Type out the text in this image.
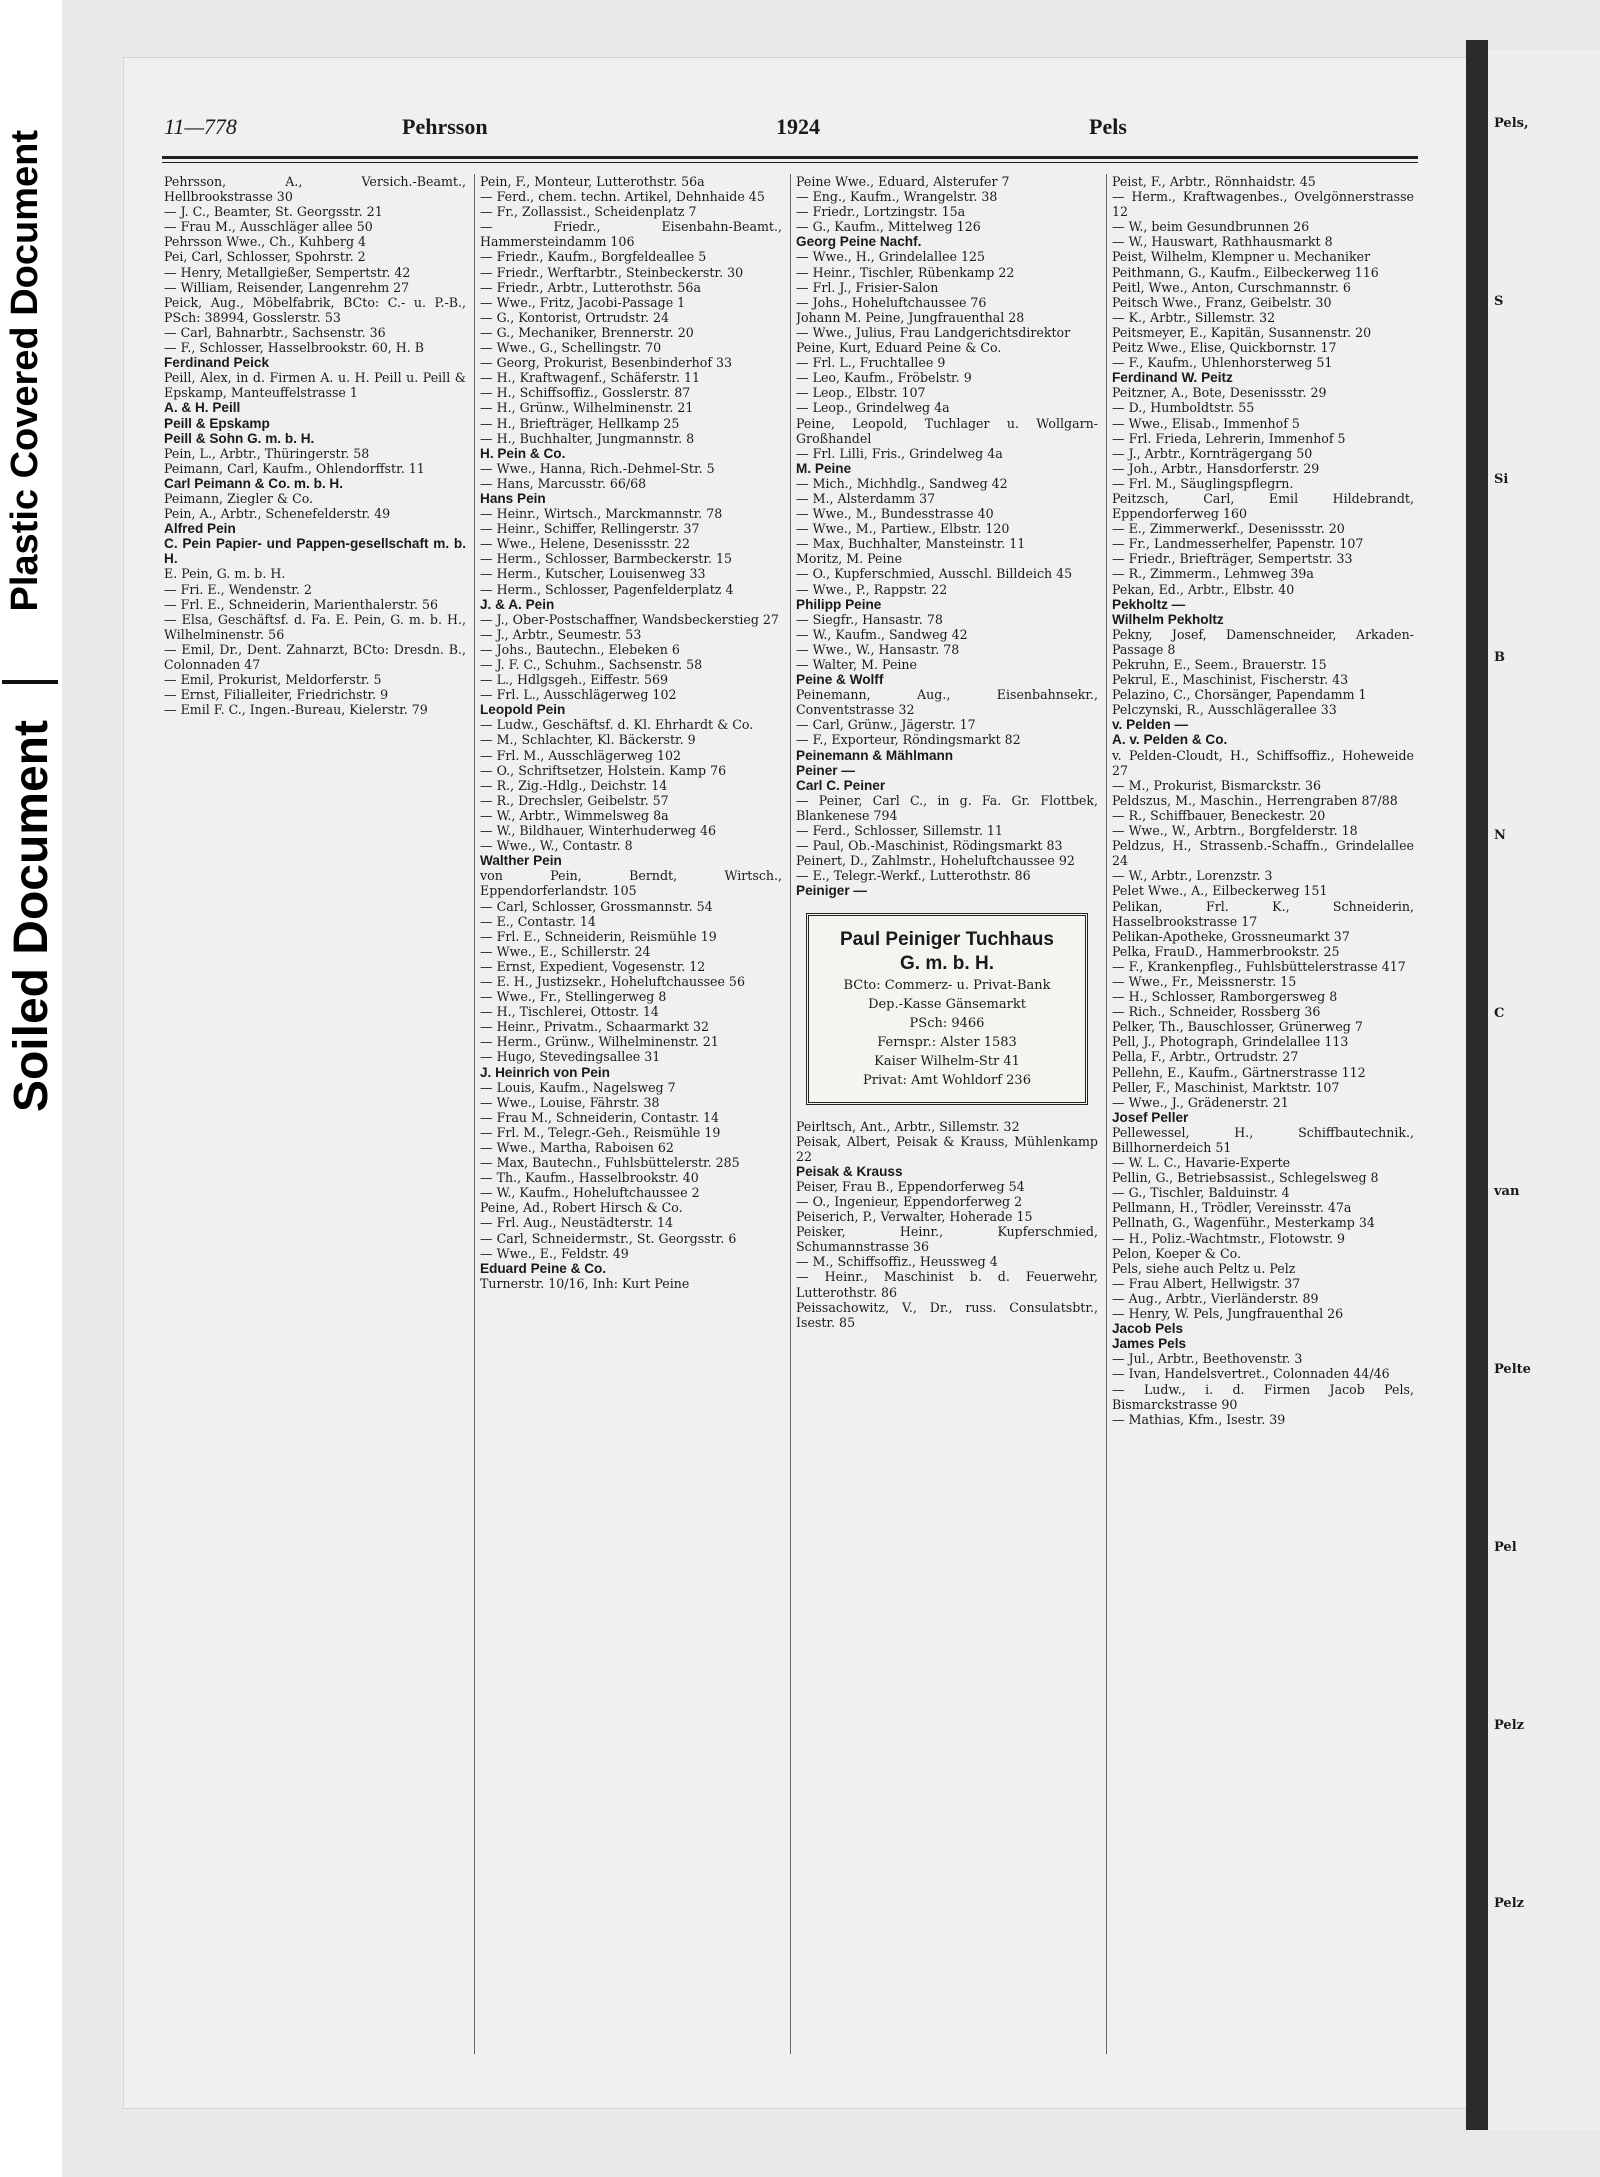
Plastic Covered Document
Soiled Document
11—778	Pehrsson	1924	Pels

Pehrsson, A., Versich.-Beamt., Hellbrookstrasse 30

— J. C., Beamter, St. Georgsstr. 21

— Frau M., Ausschläger allee 50

Pehrsson Wwe., Ch., Kuhberg 4

Pei, Carl, Schlosser, Spohrstr. 2

— Henry, Metallgießer, Sempertstr. 42

— William, Reisender, Langenrehm 27

Peick, Aug., Möbelfabrik, BCto: C.- u. P.-B., PSch: 38994, Gosslerstr. 53

— Carl, Bahnarbtr., Sachsenstr. 36

— F., Schlosser, Hasselbrookstr. 60, H. B

Ferdinand Peick

Peill, Alex, in d. Firmen A. u. H. Peill u. Peill & Epskamp, Manteuffelstrasse 1

A. & H. Peill

Peill & Epskamp

Peill & Sohn G. m. b. H.

Pein, L., Arbtr., Thüringerstr. 58

Peimann, Carl, Kaufm., Ohlendorffstr. 11

Carl Peimann & Co. m. b. H.

Peimann, Ziegler & Co.

Pein, A., Arbtr., Schenefelderstr. 49

Alfred Pein

C. Pein Papier- und Pappen-gesellschaft m. b. H.

E. Pein, G. m. b. H.

— Fri. E., Wendenstr. 2

— Frl. E., Schneiderin, Marienthalerstr. 56

— Elsa, Geschäftsf. d. Fa. E. Pein, G. m. b. H., Wilhelminenstr. 56

— Emil, Dr., Dent. Zahnarzt, BCto: Dresdn. B., Colonnaden 47

— Emil, Prokurist, Meldorferstr. 5

— Ernst, Filialleiter, Friedrichstr. 9

— Emil F. C., Ingen.-Bureau, Kielerstr. 79

Pein, F., Monteur, Lutterothstr. 56a

— Ferd., chem. techn. Artikel, Dehnhaide 45

— Fr., Zollassist., Scheidenplatz 7

— Friedr., Eisenbahn-Beamt., Hammersteindamm 106

— Friedr., Kaufm., Borgfeldeallee 5

— Friedr., Werftarbtr., Steinbeckerstr. 30

— Friedr., Arbtr., Lutterothstr. 56a

— Wwe., Fritz, Jacobi-Passage 1

— G., Kontorist, Ortrudstr. 24

— G., Mechaniker, Brennerstr. 20

— Wwe., G., Schellingstr. 70

— Georg, Prokurist, Besenbinderhof 33

— H., Kraftwagenf., Schäferstr. 11

— H., Schiffsoffiz., Gosslerstr. 87

— H., Grünw., Wilhelminenstr. 21

— H., Briefträger, Hellkamp 25

— H., Buchhalter, Jungmannstr. 8

H. Pein & Co.

— Wwe., Hanna, Rich.-Dehmel-Str. 5

— Hans, Marcusstr. 66/68

Hans Pein

— Heinr., Wirtsch., Marckmannstr. 78

— Heinr., Schiffer, Rellingerstr. 37

— Wwe., Helene, Desenissstr. 22

— Herm., Schlosser, Barmbeckerstr. 15

— Herm., Kutscher, Louisenweg 33

— Herm., Schlosser, Pagenfelderplatz 4

J. & A. Pein

— J., Ober-Postschaffner, Wandsbeckerstieg 27

— J., Arbtr., Seumestr. 53

— Johs., Bautechn., Elebeken 6

— J. F. C., Schuhm., Sachsenstr. 58

— L., Hdlgsgeh., Eiffestr. 569

— Frl. L., Ausschlägerweg 102

Leopold Pein

— Ludw., Geschäftsf. d. Kl. Ehrhardt & Co.

— M., Schlachter, Kl. Bäckerstr. 9

— Frl. M., Ausschlägerweg 102

— O., Schriftsetzer, Holstein. Kamp 76

— R., Zig.-Hdlg., Deichstr. 14

— R., Drechsler, Geibelstr. 57

— W., Arbtr., Wimmelsweg 8a

— W., Bildhauer, Winterhuderweg 46

— Wwe., W., Contastr. 8

Walther Pein

von Pein, Berndt, Wirtsch., Eppendorferlandstr. 105

— Carl, Schlosser, Grossmannstr. 54

— E., Contastr. 14

— Frl. E., Schneiderin, Reismühle 19

— Wwe., E., Schillerstr. 24

— Ernst, Expedient, Vogesenstr. 12

— E. H., Justizsekr., Hoheluftchaussee 56

— Wwe., Fr., Stellingerweg 8

— H., Tischlerei, Ottostr. 14

— Heinr., Privatm., Schaarmarkt 32

— Herm., Grünw., Wilhelminenstr. 21

— Hugo, Stevedingsallee 31

J. Heinrich von Pein

— Louis, Kaufm., Nagelsweg 7

— Wwe., Louise, Fährstr. 38

— Frau M., Schneiderin, Contastr. 14

— Frl. M., Telegr.-Geh., Reismühle 19

— Wwe., Martha, Raboisen 62

— Max, Bautechn., Fuhlsbüttelerstr. 285

— Th., Kaufm., Hasselbrookstr. 40

— W., Kaufm., Hoheluftchaussee 2

Peine, Ad., Robert Hirsch & Co.

— Frl. Aug., Neustädterstr. 14

— Carl, Schneidermstr., St. Georgsstr. 6

— Wwe., E., Feldstr. 49

Eduard Peine & Co.

Turnerstr. 10/16, Inh: Kurt Peine

Peine Wwe., Eduard, Alsterufer 7

— Eng., Kaufm., Wrangelstr. 38

— Friedr., Lortzingstr. 15a

— G., Kaufm., Mittelweg 126

Georg Peine Nachf.

— Wwe., H., Grindelallee 125

— Heinr., Tischler, Rübenkamp 22

— Frl. J., Frisier-Salon

— Johs., Hoheluftchaussee 76

Johann M. Peine, Jungfrauenthal 28

— Wwe., Julius, Frau Landgerichtsdirektor

Peine, Kurt, Eduard Peine & Co.

— Frl. L., Fruchtallee 9

— Leo, Kaufm., Fröbelstr. 9

— Leop., Elbstr. 107

— Leop., Grindelweg 4a

Peine, Leopold, Tuchlager u. Wollgarn-Großhandel

— Frl. Lilli, Fris., Grindelweg 4a

M. Peine

— Mich., Michhdlg., Sandweg 42

— M., Alsterdamm 37

— Wwe., M., Bundesstrasse 40

— Wwe., M., Partiew., Elbstr. 120

— Max, Buchhalter, Mansteinstr. 11

Moritz, M. Peine

— O., Kupferschmied, Ausschl. Billdeich 45

— Wwe., P., Rappstr. 22

Philipp Peine

— Siegfr., Hansastr. 78

— W., Kaufm., Sandweg 42

— Wwe., W., Hansastr. 78

— Walter, M. Peine

Peine & Wolff

Peinemann, Aug., Eisenbahnsekr., Conventstrasse 32

— Carl, Grünw., Jägerstr. 17

— F., Exporteur, Röndingsmarkt 82

Peinemann & Mählmann

Peiner —

Carl C. Peiner

— Peiner, Carl C., in g. Fa. Gr. Flottbek, Blankenese 794

— Ferd., Schlosser, Sillemstr. 11

— Paul, Ob.-Maschinist, Rödingsmarkt 83

Peinert, D., Zahlmstr., Hoheluftchaussee 92

— E., Telegr.-Werkf., Lutterothstr. 86

Peiniger —

Paul Peiniger Tuchhaus
G. m. b. H.
BCto: Commerz- u. Privat-Bank
Dep.-Kasse Gänsemarkt
PSch: 9466
Fernspr.: Alster 1583
Kaiser Wilhelm-Str 41
Privat: Amt Wohldorf 236

Peirltsch, Ant., Arbtr., Sillemstr. 32

Peisak, Albert, Peisak & Krauss, Mühlenkamp 22

Peisak & Krauss

Peiser, Frau B., Eppendorferweg 54

— O., Ingenieur, Eppendorferweg 2

Peiserich, P., Verwalter, Hoherade 15

Peisker, Heinr., Kupferschmied, Schumannstrasse 36

— M., Schiffsoffiz., Heussweg 4

— Heinr., Maschinist b. d. Feuerwehr, Lutterothstr. 86

Peissachowitz, V., Dr., russ. Consulatsbtr., Isestr. 85

Peist, F., Arbtr., Rönnhaidstr. 45

— Herm., Kraftwagenbes., Ovelgönnerstrasse 12

— W., beim Gesundbrunnen 26

— W., Hauswart, Rathhausmarkt 8

Peist, Wilhelm, Klempner u. Mechaniker

Peithmann, G., Kaufm., Eilbeckerweg 116

Peitl, Wwe., Anton, Curschmannstr. 6

Peitsch Wwe., Franz, Geibelstr. 30

— K., Arbtr., Sillemstr. 32

Peitsmeyer, E., Kapitän, Susannenstr. 20

Peitz Wwe., Elise, Quickbornstr. 17

— F., Kaufm., Uhlenhorsterweg 51

Ferdinand W. Peitz

Peitzner, A., Bote, Desenissstr. 29

— D., Humboldtstr. 55

— Wwe., Elisab., Immenhof 5

— Frl. Frieda, Lehrerin, Immenhof 5

— J., Arbtr., Kornträgergang 50

— Joh., Arbtr., Hansdorferstr. 29

— Frl. M., Säuglingspflegrn.

Peitzsch, Carl, Emil Hildebrandt, Eppendorferweg 160

— E., Zimmerwerkf., Desenissstr. 20

— Fr., Landmesserhelfer, Papenstr. 107

— Friedr., Briefträger, Sempertstr. 33

— R., Zimmerm., Lehmweg 39a

Pekan, Ed., Arbtr., Elbstr. 40

Pekholtz —

Wilhelm Pekholtz

Pekny, Josef, Damenschneider, Arkaden-Passage 8

Pekruhn, E., Seem., Brauerstr. 15

Pekrul, E., Maschinist, Fischerstr. 43

Pelazino, C., Chorsänger, Papendamm 1

Pelczynski, R., Ausschlägerallee 33

v. Pelden —

A. v. Pelden & Co.

v. Pelden-Cloudt, H., Schiffsoffiz., Hoheweide 27

— M., Prokurist, Bismarckstr. 36

Peldszus, M., Maschin., Herrengraben 87/88

— R., Schiffbauer, Beneckestr. 20

— Wwe., W., Arbtrn., Borgfelderstr. 18

Peldzus, H., Strassenb.-Schaffn., Grindelallee 24

— W., Arbtr., Lorenzstr. 3

Pelet Wwe., A., Eilbeckerweg 151

Pelikan, Frl. K., Schneiderin, Hasselbrookstrasse 17

Pelikan-Apotheke, Grossneumarkt 37

Pelka, FrauD., Hammerbrookstr. 25

— F., Krankenpfleg., Fuhlsbüttelerstrasse 417

— Wwe., Fr., Meissnerstr. 15

— H., Schlosser, Ramborgersweg 8

— Rich., Schneider, Rossberg 36

Pelker, Th., Bauschlosser, Grünerweg 7

Pell, J., Photograph, Grindelallee 113

Pella, F., Arbtr., Ortrudstr. 27

Pellehn, E., Kaufm., Gärtnerstrasse 112

Peller, F., Maschinist, Marktstr. 107

— Wwe., J., Grädenerstr. 21

Josef Peller

Pellewessel, H., Schiffbautechnik., Billhornerdeich 51

— W. L. C., Havarie-Experte

Pellin, G., Betriebsassist., Schlegelsweg 8

— G., Tischler, Balduinstr. 4

Pellmann, H., Trödler, Vereinsstr. 47a

Pellnath, G., Wagenführ., Mesterkamp 34

— H., Poliz.-Wachtmstr., Flotowstr. 9

Pelon, Koeper & Co.

Pels, siehe auch Peltz u. Pelz

— Frau Albert, Hellwigstr. 37

— Aug., Arbtr., Vierländerstr. 89

— Henry, W. Pels, Jungfrauenthal 26

Jacob Pels

James Pels

— Jul., Arbtr., Beethovenstr. 3

— Ivan, Handelsvertret., Colonnaden 44/46

— Ludw., i. d. Firmen Jacob Pels, Bismarckstrasse 90

— Mathias, Kfm., Isestr. 39

Pels,
S
Si
B
N
C
van
Pelte
Pel
Pelz
Pelz
